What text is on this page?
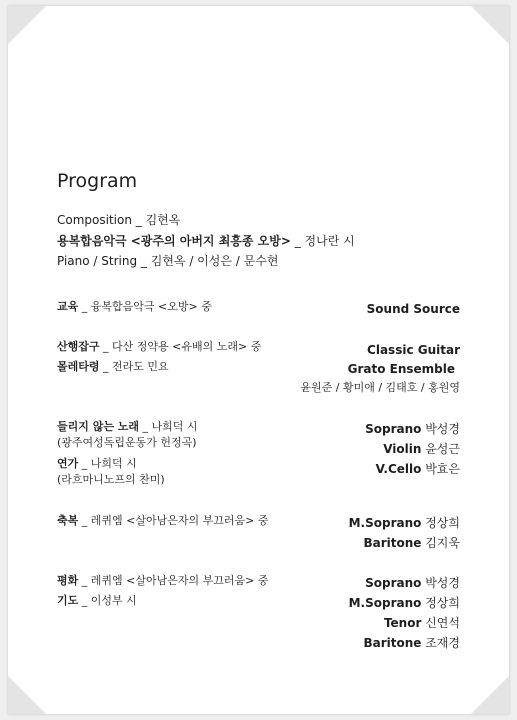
Program
Composition _ 김현옥
용복합음악극 <광주의 아버지 최흥종 오방> _ 정나란 시
Piano / String _ 김현옥 / 이성은 / 문수현
교육 _ 융복합음악극 <오방> 중	Sound Source
산행잡구 _ 다산 정약용 <유배의 노래> 중
몰레타령 _ 전라도 민요
Classic Guitar
Grato Ensemble
윤원준 / 황미애 / 김태호 / 홍원영
들리지 않는 노래 _ 나희덕 시
(광주여성독립운동가 헌정곡)
연가 _ 나희덕 시
(라흐마니노프의 찬미)
Soprano 박성경
Violin 윤성근
V.Cello 박효은
축복 _ 레퀴엠 <살아남은자의 부끄러움> 중	M.Soprano 정상희
Baritone 김지욱
평화 _ 레퀴엠 <살아남은자의 부끄러움> 중
기도 _ 이성부 시
Soprano 박성경
M.Soprano 정상희
Tenor 신연석
Baritone 조재경
